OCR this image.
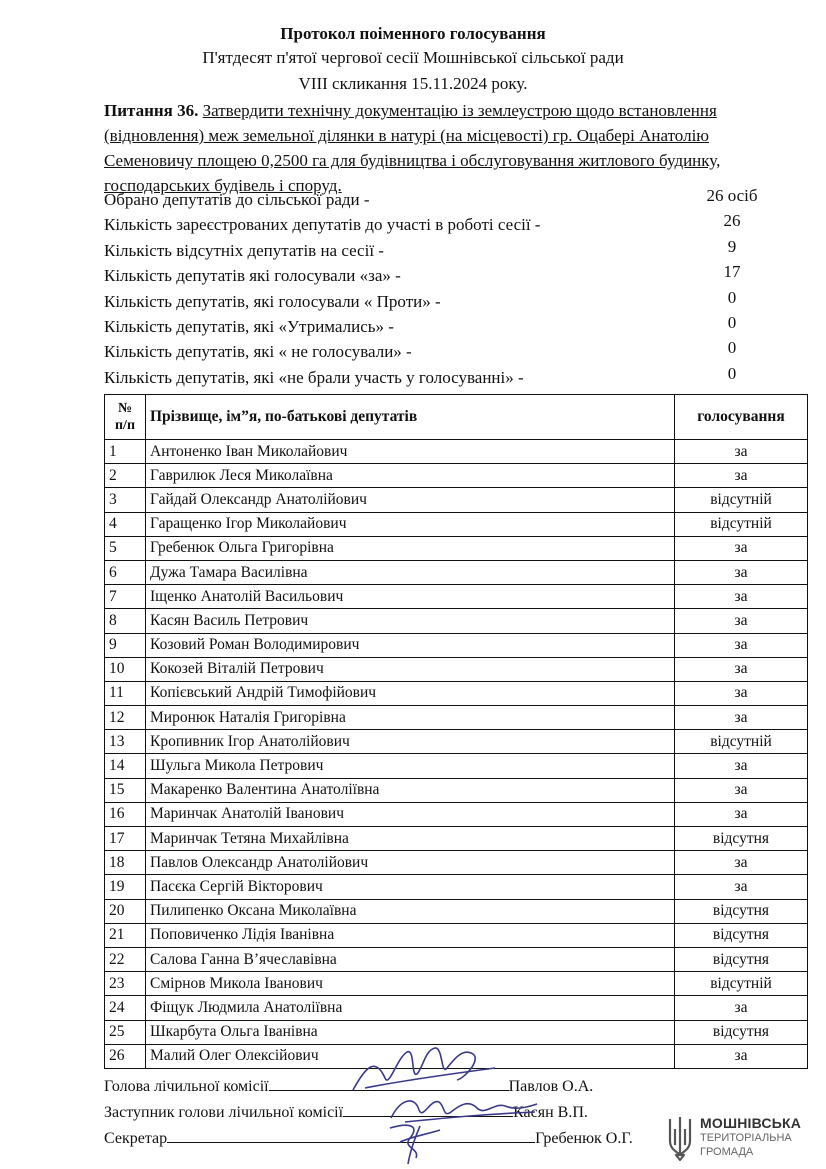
Протокол поіменного голосування
П'ятдесят п'ятої чергової сесії Мошнівської сільської ради
VIII скликання 15.11.2024 року.
Питання 36. Затвердити технічну документацію із землеустрою щодо встановлення (відновлення) меж земельної ділянки в натурі (на місцевості) гр. Оцабері Анатолію Семеновичу площею 0,2500 га для будівництва і обслуговування житлового будинку, господарських будівель і споруд.
Обрано депутатів до сільської ради -	26 осіб
Кількість зареєстрованих депутатів до участі в роботі сесії -	26
Кількість відсутніх депутатів на сесії -	9
Кількість депутатів які голосували «за» -	17
Кількість депутатів, які голосували « Проти» -	0
Кількість депутатів, які «Утримались» -	0
Кількість депутатів, які « не голосували» -	0
Кількість депутатів, які «не брали участь у голосуванні» -	0
№
п/п	Прізвище, ім”я, по-батькові депутатів	голосування
1	Антоненко Іван Миколайович	за
2	Гаврилюк Леся Миколаївна	за
3	Гайдай Олександр Анатолійович	відсутній
4	Гаращенко Ігор Миколайович	відсутній
5	Гребенюк Ольга Григорівна	за
6	Дужа Тамара Василівна	за
7	Іщенко Анатолій Васильович	за
8	Касян Василь Петрович	за
9	Козовий Роман Володимирович	за
10	Кокозей Віталій Петрович	за
11	Копієвський Андрій Тимофійович	за
12	Миронюк Наталія Григорівна	за
13	Кропивник Ігор Анатолійович	відсутній
14	Шульга Микола Петрович	за
15	Макаренко Валентина Анатоліївна	за
16	Маринчак Анатолій Іванович	за
17	Маринчак Тетяна Михайлівна	відсутня
18	Павлов Олександр Анатолійович	за
19	Пасєка Сергій Вікторович	за
20	Пилипенко Оксана Миколаївна	відсутня
21	Поповиченко Лідія Іванівна	відсутня
22	Салова Ганна В’ячеславівна	відсутня
23	Смірнов Микола Іванович	відсутній
24	Фіщук Людмила Анатоліївна	за
25	Шкарбута Ольга Іванівна	відсутня
26	Малий Олег Олексійович	за
Голова лічильної комісії	Павлов О.А.
Заступник голови лічильної комісії	Касян В.П.
Секретар	Гребенюк О.Г.
МОШНІВСЬКА
ТЕРИТОРІАЛЬНА
ГРОМАДА
